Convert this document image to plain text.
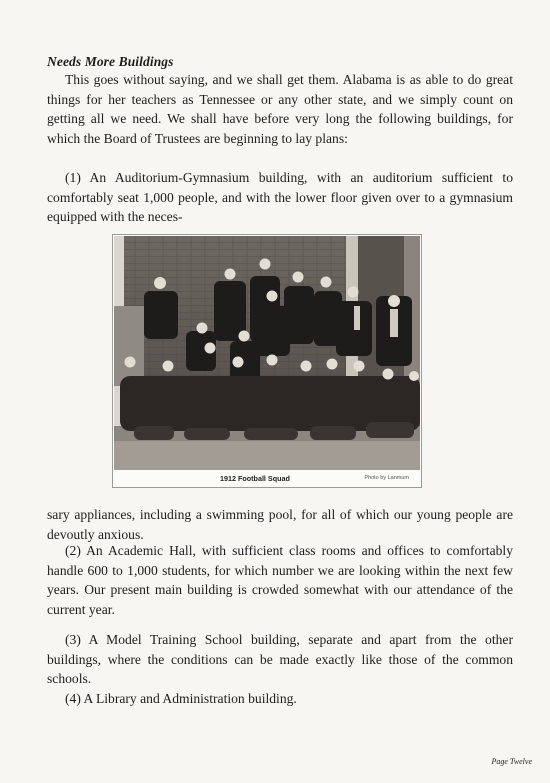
Needs More Buildings
This goes without saying, and we shall get them. Alabama is as able to do great things for her teachers as Tennessee or any other state, and we simply count on getting all we need. We shall have before very long the following buildings, for which the Board of Trustees are beginning to lay plans:
(1) An Auditorium-Gymnasium building, with an auditorium sufficient to comfortably seat 1,000 people, and with the lower floor given over to a gymnasium equipped with the neces-
1912 Football Squad	Photo by Lanmum
sary appliances, including a swimming pool, for all of which our young people are devoutly anxious.
(2) An Academic Hall, with sufficient class rooms and offices to comfortably handle 600 to 1,000 students, for which number we are looking within the next few years. Our present main building is crowded somewhat with our attendance of the current year.
(3) A Model Training School building, separate and apart from the other buildings, where the conditions can be made exactly like those of the common schools.
(4) A Library and Administration building.
Page Twelve
